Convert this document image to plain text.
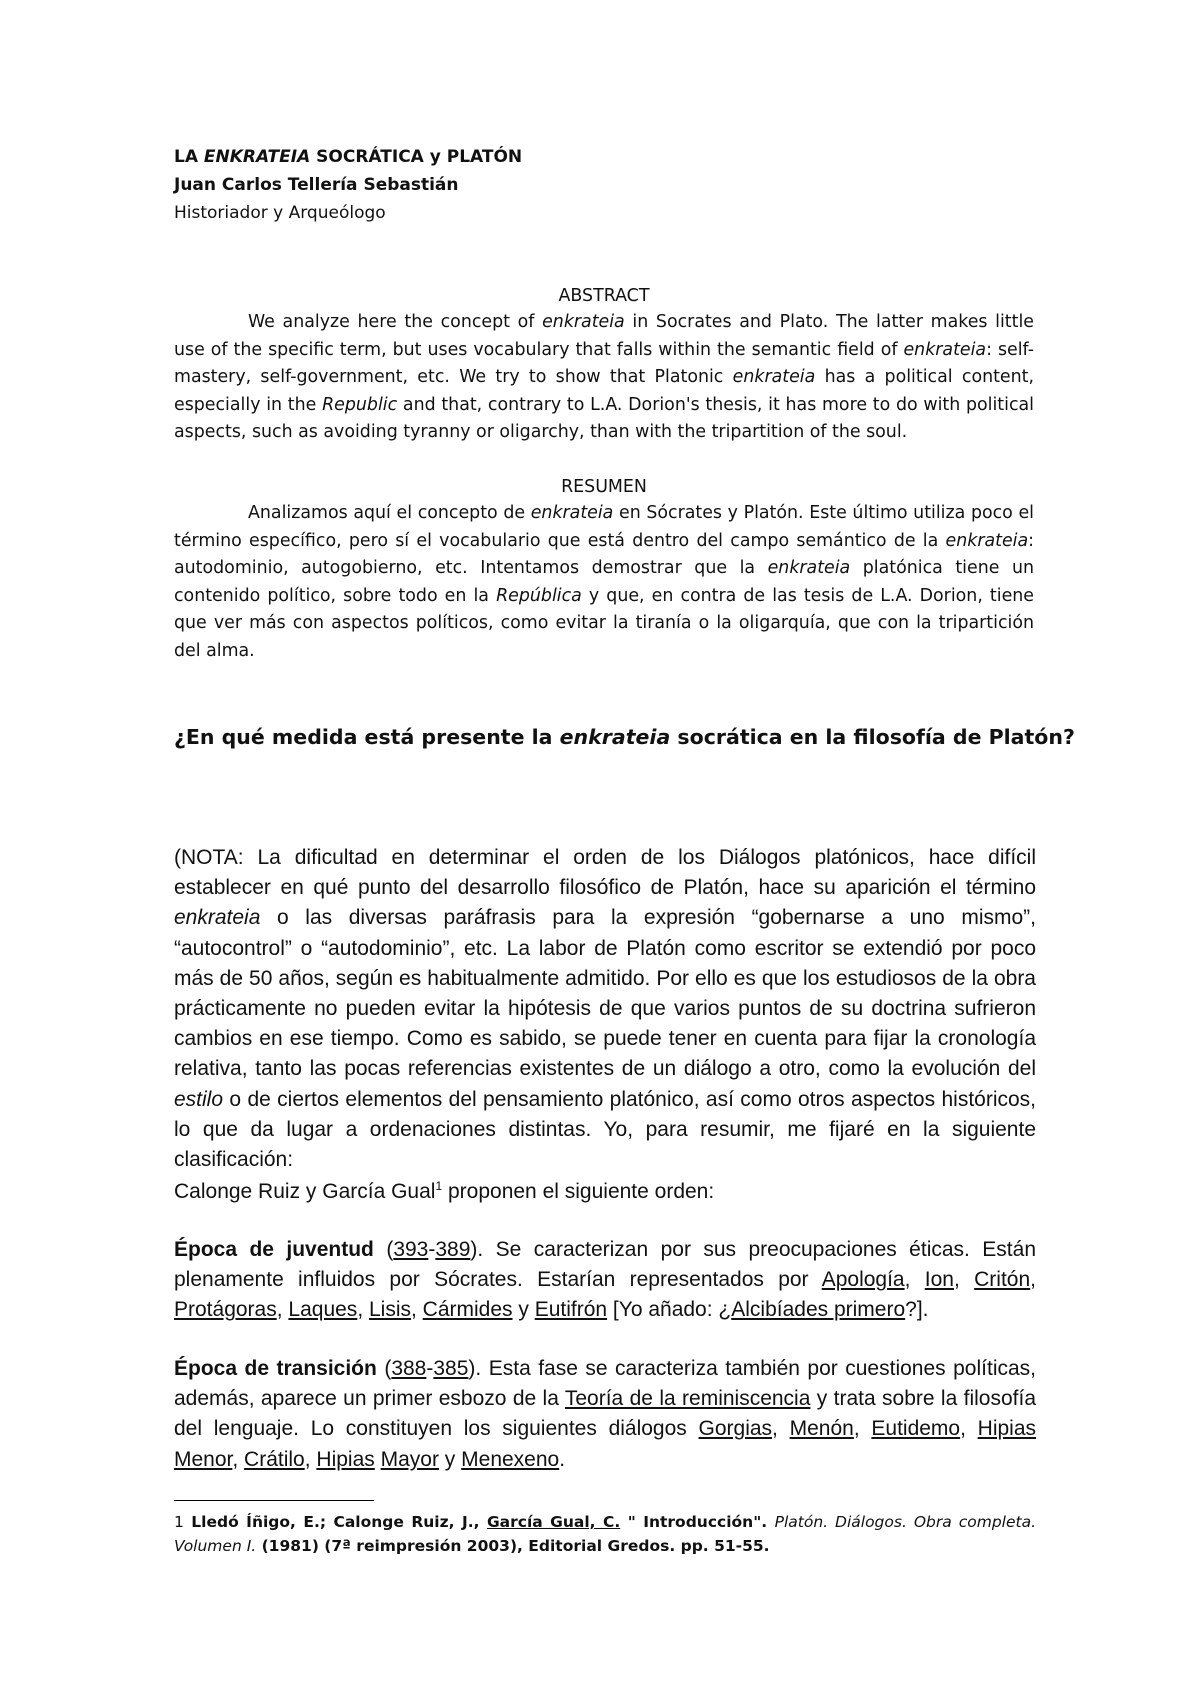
LA ENKRATEIA SOCRÁTICA y PLATÓN
Juan Carlos Tellería Sebastián
Historiador y Arqueólogo
ABSTRACT
We analyze here the concept of enkrateia in Socrates and Plato. The latter makes little use of the specific term, but uses vocabulary that falls within the semantic field of enkrateia: self-mastery, self-government, etc. We try to show that Platonic enkrateia has a political content, especially in the Republic and that, contrary to L.A. Dorion's thesis, it has more to do with political aspects, such as avoiding tyranny or oligarchy, than with the tripartition of the soul.
RESUMEN
Analizamos aquí el concepto de enkrateia en Sócrates y Platón. Este último utiliza poco el término específico, pero sí el vocabulario que está dentro del campo semántico de la enkrateia: autodominio, autogobierno, etc. Intentamos demostrar que la enkrateia platónica tiene un contenido político, sobre todo en la República y que, en contra de las tesis de L.A. Dorion, tiene que ver más con aspectos políticos, como evitar la tiranía o la oligarquía, que con la tripartición del alma.
¿En qué medida está presente la enkrateia socrática en la filosofía de Platón?
(NOTA: La dificultad en determinar el orden de los Diálogos platónicos, hace difícil establecer en qué punto del desarrollo filosófico de Platón, hace su aparición el término enkrateia o las diversas paráfrasis para la expresión “gobernarse a uno mismo”, “autocontrol” o “autodominio”, etc. La labor de Platón como escritor se extendió por poco más de 50 años, según es habitualmente admitido. Por ello es que los estudiosos de la obra prácticamente no pueden evitar la hipótesis de que varios puntos de su doctrina sufrieron cambios en ese tiempo. Como es sabido, se puede tener en cuenta para fijar la cronología relativa, tanto las pocas referencias existentes de un diálogo a otro, como la evolución del estilo o de ciertos elementos del pensamiento platónico, así como otros aspectos históricos, lo que da lugar a ordenaciones distintas. Yo, para resumir, me fijaré en la siguiente clasificación:
Calonge Ruiz y García Gual$^1$ proponen el siguiente orden:
Época de juventud (393-389). Se caracterizan por sus preocupaciones éticas. Están plenamente influidos por Sócrates. Estarían representados por Apología, Ion, Critón, Protágoras, Laques, Lisis, Cármides y Eutifrón [Yo añado: ¿Alcibíades primero?].
Época de transición (388-385). Esta fase se caracteriza también por cuestiones políticas, además, aparece un primer esbozo de la Teoría de la reminiscencia y trata sobre la filosofía del lenguaje. Lo constituyen los siguientes diálogos Gorgias, Menón, Eutidemo, Hipias Menor, Crátilo, Hipias Mayor y Menexeno.
1 Lledó Íñigo, E.; Calonge Ruiz, J., García Gual, C. " Introducción". Platón. Diálogos. Obra completa. Volumen I. (1981) (7ª reimpresión 2003), Editorial Gredos. pp. 51-55.
